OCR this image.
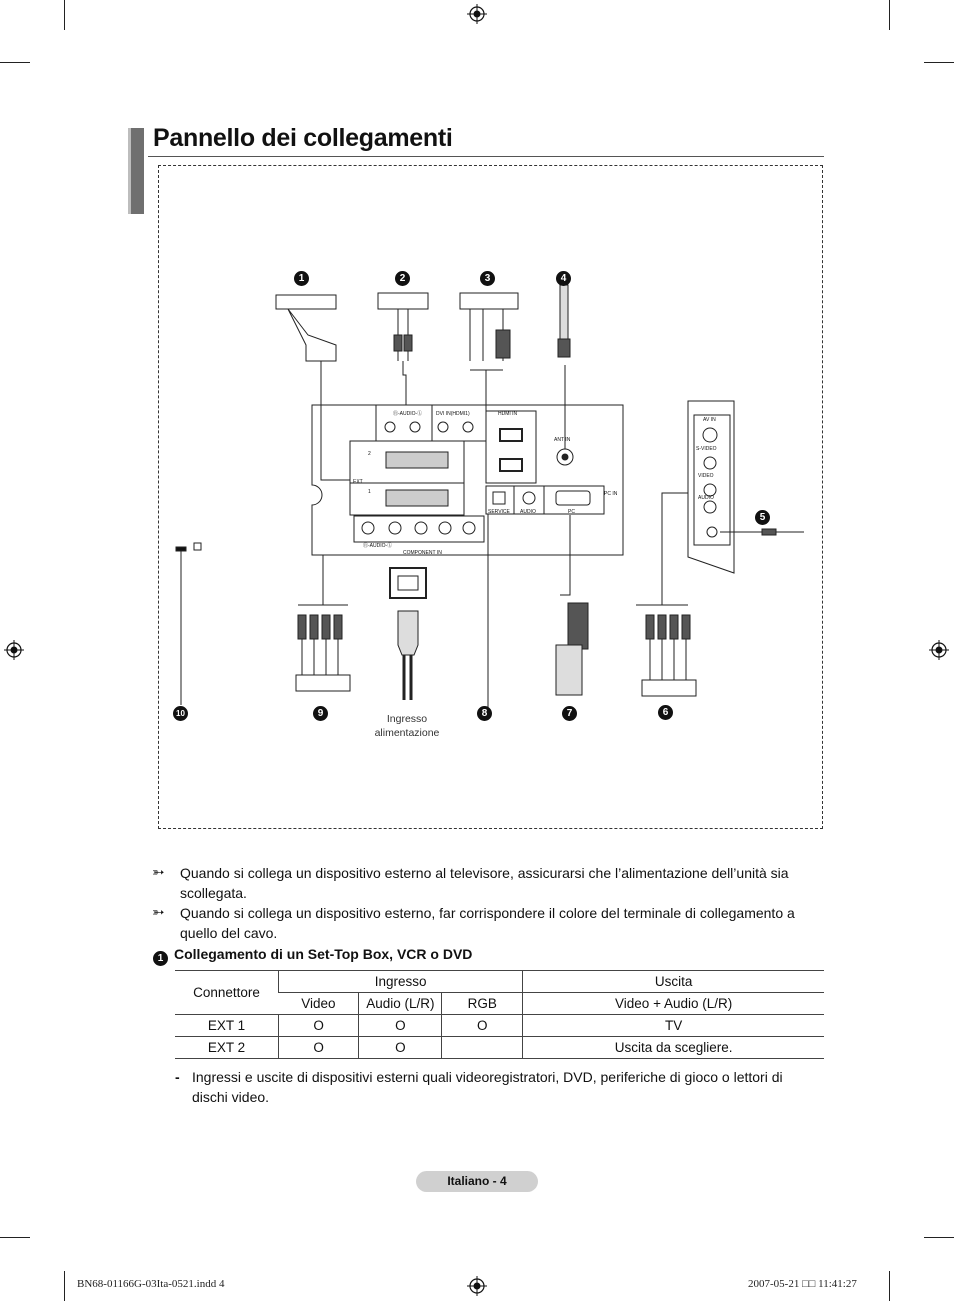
Pannello dei collegamenti
Ⓡ-AUDIO-Ⓛ	DVI IN(HDMI1)	HDMI IN
ANT IN
EXT
2
1
SERVICE AUDIO	PC
PC IN
Ⓡ-AUDIO-Ⓛ
COMPONENT IN
AV IN
S-VIDEO
VIDEO
AUDIO
1	2	3	4
5
6
7
8
9
10	Ingresso
alimentazione
➳ Quando si collega un dispositivo esterno al televisore, assicurarsi che l’alimentazione dell’unità sia scollegata.
➳ Quando si collega un dispositivo esterno, far corrispondere il colore del terminale di collegamento a quello del cavo.
1 Collegamento di un Set-Top Box, VCR o DVD
Connettore	Ingresso			Uscita
	Video	Audio (L/R)	RGB	Video + Audio (L/R)
EXT 1	O	O	O	TV
EXT 2	O	O		Uscita da scegliere.
- Ingressi e uscite di dispositivi esterni quali videoregistratori, DVD, periferiche di gioco o lettori di dischi video.
Italiano - 4
BN68-01166G-03Ita-0521.indd 4	2007-05-21 □□ 11:41:27
